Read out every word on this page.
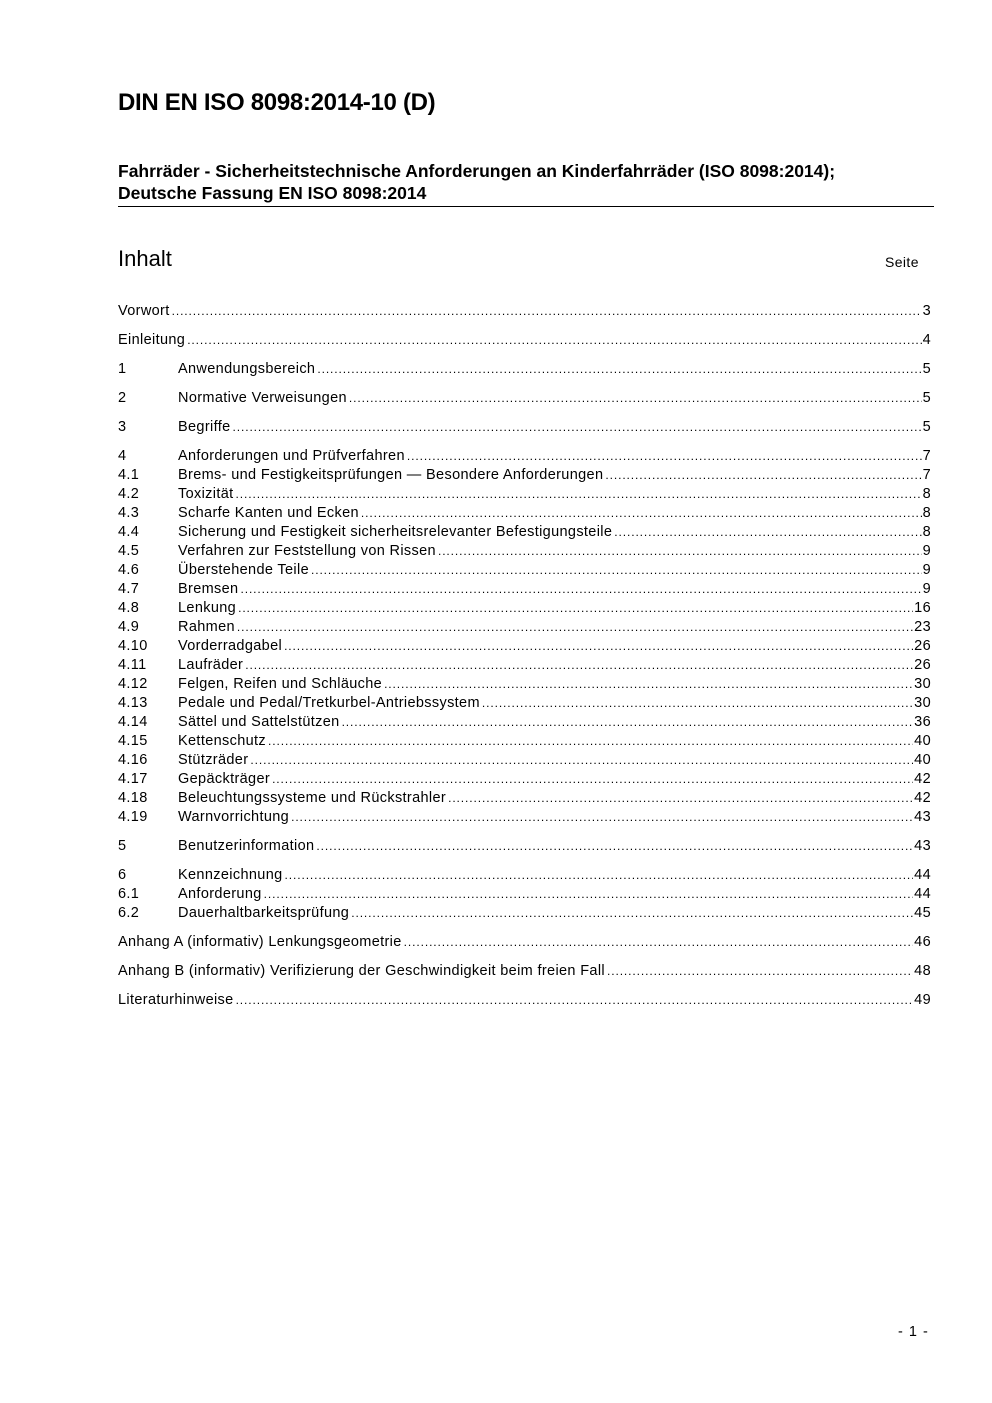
DIN EN ISO 8098:2014-10 (D)
Fahrräder - Sicherheitstechnische Anforderungen an Kinderfahrräder (ISO 8098:2014); Deutsche Fassung EN ISO 8098:2014
Inhalt	Seite
Vorwort .....	3
Einleitung .....	4
1	Anwendungsbereich .....	5
2	Normative Verweisungen .....	5
3	Begriffe .....	5
4	Anforderungen und Prüfverfahren .....	7
4.1	Brems- und Festigkeitsprüfungen — Besondere Anforderungen .....	7
4.2	Toxizität .....	8
4.3	Scharfe Kanten und Ecken .....	8
4.4	Sicherung und Festigkeit sicherheitsrelevanter Befestigungsteile .....	8
4.5	Verfahren zur Feststellung von Rissen .....	9
4.6	Überstehende Teile .....	9
4.7	Bremsen .....	9
4.8	Lenkung .....	16
4.9	Rahmen .....	23
4.10	Vorderradgabel .....	26
4.11	Laufräder .....	26
4.12	Felgen, Reifen und Schläuche .....	30
4.13	Pedale und Pedal/Tretkurbel-Antriebssystem .....	30
4.14	Sättel und Sattelstützen .....	36
4.15	Kettenschutz .....	40
4.16	Stützräder .....	40
4.17	Gepäckträger .....	42
4.18	Beleuchtungssysteme und Rückstrahler .....	42
4.19	Warnvorrichtung .....	43
5	Benutzerinformation .....	43
6	Kennzeichnung .....	44
6.1	Anforderung .....	44
6.2	Dauerhaltbarkeitsprüfung .....	45
Anhang A (informativ) Lenkungsgeometrie .....	46
Anhang B (informativ) Verifizierung der Geschwindigkeit beim freien Fall .....	48
Literaturhinweise .....	49
- 1 -
